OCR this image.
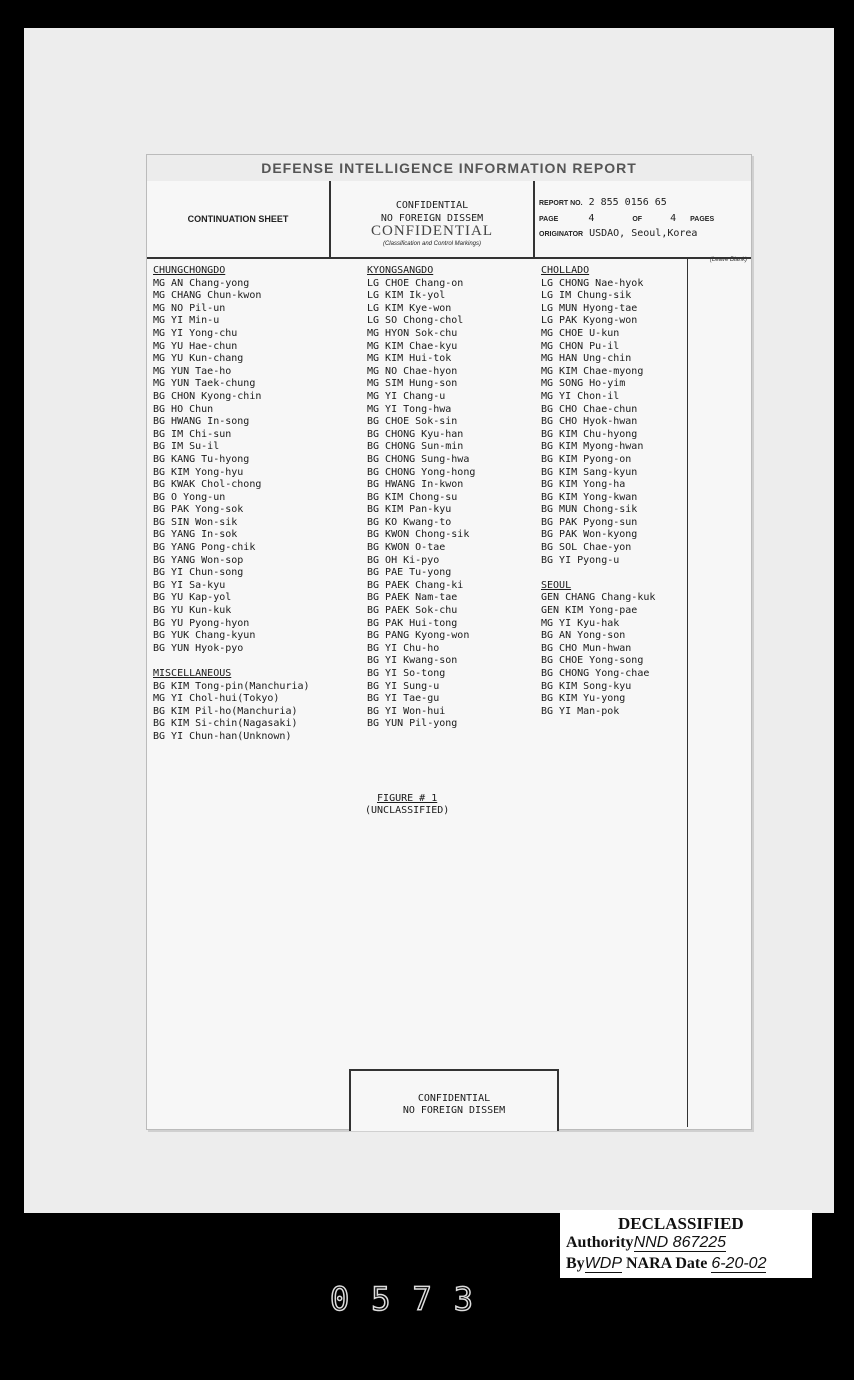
DEFENSE INTELLIGENCE INFORMATION REPORT
CONTINUATION SHEET
CONFIDENTIAL
NO FOREIGN DISSEM
CONFIDENTIAL
(Classification and Control Markings)
REPORT NO. 2 855 0156 65
PAGE	4	OF	4 PAGES
ORIGINATOR USDAO, Seoul,Korea
(Leave Blank)
CHUNGCHONGDO
MG AN Chang-yong
MG CHANG Chun-kwon
MG NO Pil-un
MG YI Min-u
MG YI Yong-chu
MG YU Hae-chun
MG YU Kun-chang
MG YUN Tae-ho
MG YUN Taek-chung
BG CHON Kyong-chin
BG HO Chun
BG HWANG In-song
BG IM Chi-sun
BG IM Su-il
BG KANG Tu-hyong
BG KIM Yong-hyu
BG KWAK Chol-chong
BG O Yong-un
BG PAK Yong-sok
BG SIN Won-sik
BG YANG In-sok
BG YANG Pong-chik
BG YANG Won-sop
BG YI Chun-song
BG YI Sa-kyu
BG YU Kap-yol
BG YU Kun-kuk
BG YU Pyong-hyon
BG YUK Chang-kyun
BG YUN Hyok-pyo
MISCELLANEOUS
BG KIM Tong-pin(Manchuria)
MG YI Chol-hui(Tokyo)
BG KIM Pil-ho(Manchuria)
BG KIM Si-chin(Nagasaki)
BG YI Chun-han(Unknown)
KYONGSANGDO
LG CHOE Chang-on
LG KIM Ik-yol
LG KIM Kye-won
LG SO Chong-chol
MG HYON Sok-chu
MG KIM Chae-kyu
MG KIM Hui-tok
MG NO Chae-hyon
MG SIM Hung-son
MG YI Chang-u
MG YI Tong-hwa
BG CHOE Sok-sin
BG CHONG Kyu-han
BG CHONG Sun-min
BG CHONG Sung-hwa
BG CHONG Yong-hong
BG HWANG In-kwon
BG KIM Chong-su
BG KIM Pan-kyu
BG KO Kwang-to
BG KWON Chong-sik
BG KWON O-tae
BG OH Ki-pyo
BG PAE Tu-yong
BG PAEK Chang-ki
BG PAEK Nam-tae
BG PAEK Sok-chu
BG PAK Hui-tong
BG PANG Kyong-won
BG YI Chu-ho
BG YI Kwang-son
BG YI So-tong
BG YI Sung-u
BG YI Tae-gu
BG YI Won-hui
BG YUN Pil-yong
CHOLLADO
LG CHONG Nae-hyok
LG IM Chung-sik
LG MUN Hyong-tae
LG PAK Kyong-won
MG CHOE U-kun
MG CHON Pu-il
MG HAN Ung-chin
MG KIM Chae-myong
MG SONG Ho-yim
MG YI Chon-il
BG CHO Chae-chun
BG CHO Hyok-hwan
BG KIM Chu-hyong
BG KIM Myong-hwan
BG KIM Pyong-on
BG KIM Sang-kyun
BG KIM Yong-ha
BG KIM Yong-kwan
BG MUN Chong-sik
BG PAK Pyong-sun
BG PAK Won-kyong
BG SOL Chae-yon
BG YI Pyong-u
SEOUL
GEN CHANG Chang-kuk
GEN KIM Yong-pae
MG YI Kyu-hak
BG AN Yong-son
BG CHO Mun-hwan
BG CHOE Yong-song
BG CHONG Yong-chae
BG KIM Song-kyu
BG KIM Yu-yong
BG YI Man-pok
FIGURE # 1
(UNCLASSIFIED)
CONFIDENTIAL
NO FOREIGN DISSEM
DECLASSIFIED
AuthorityNND 867225
ByWDP NARA Date 6-20-02
0573
